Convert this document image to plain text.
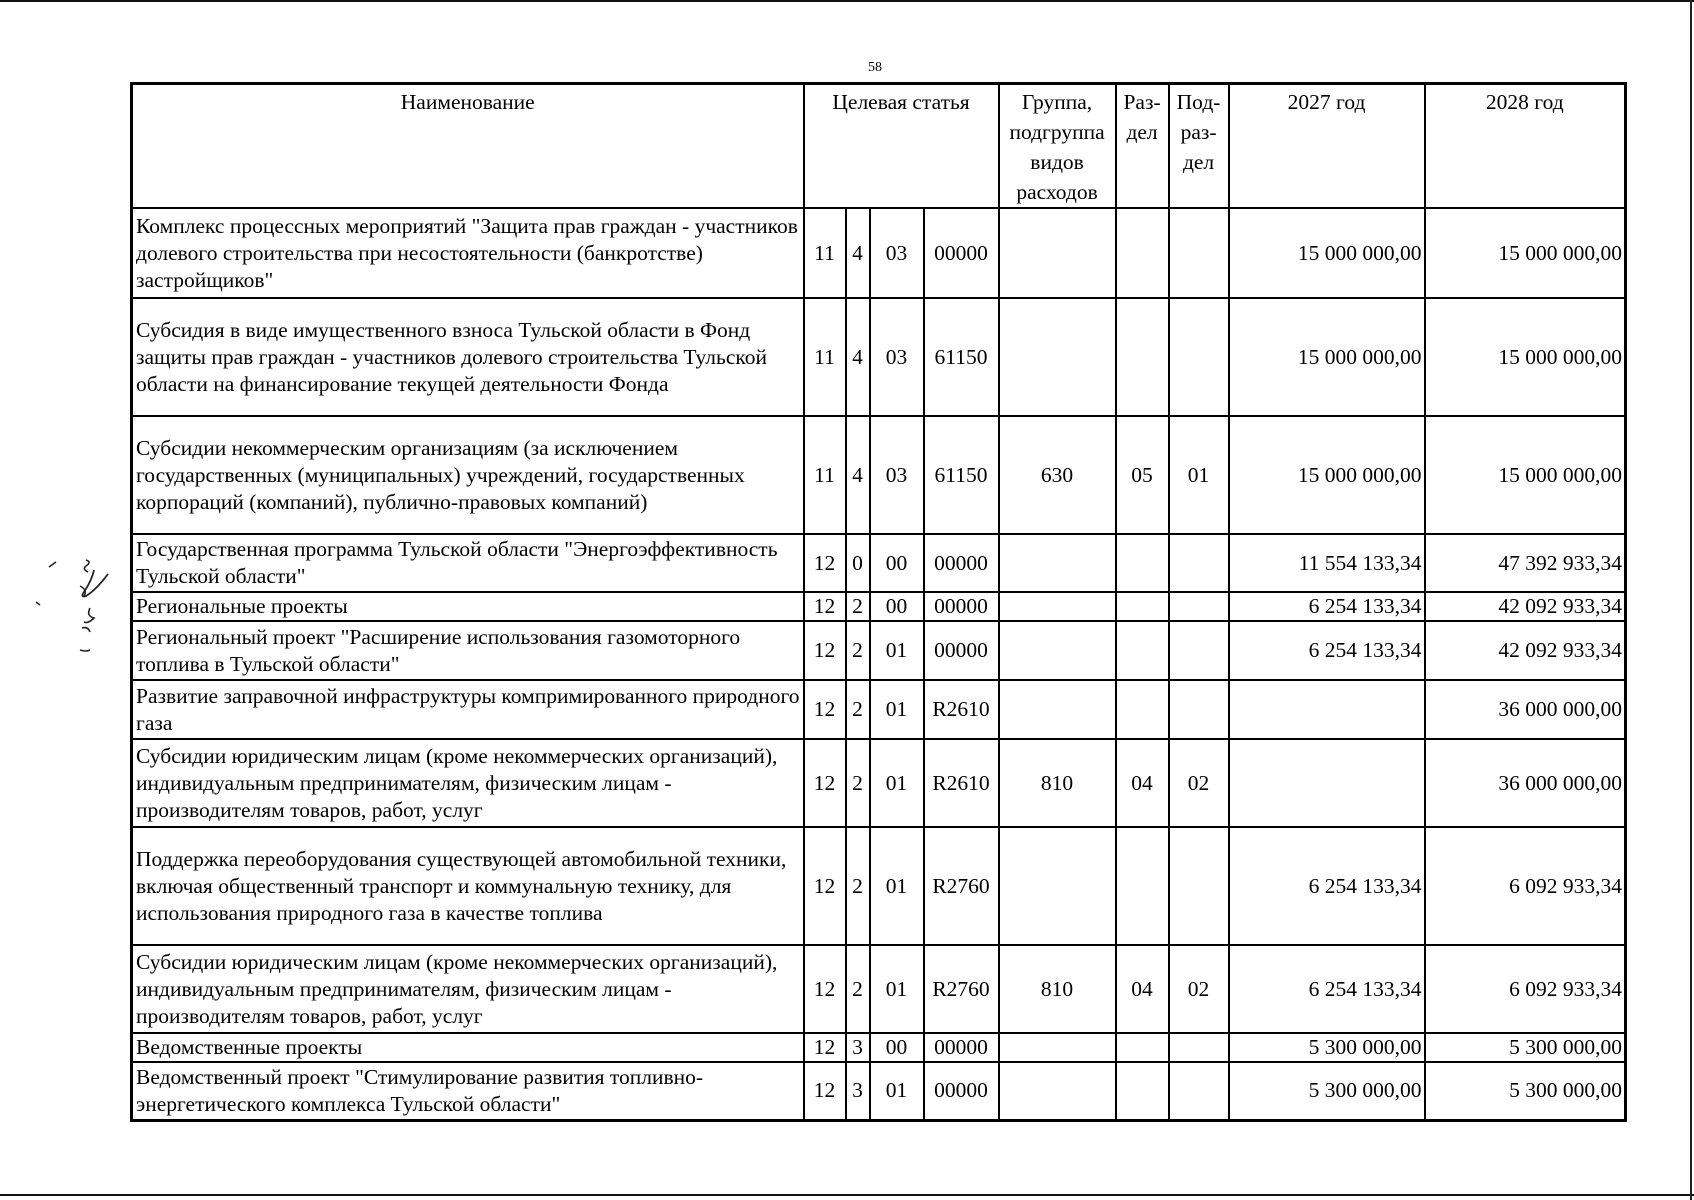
58
Наименование	Целевая статья				Группа, подгруппа видов расходов	Раз-дел	Под-раз-дел	2027 год	2028 год
Комплекс процессных мероприятий "Защита прав граждан - участников долевого строительства при несостоятельности (банкротстве) застройщиков"	11	4	03	00000				15 000 000,00	15 000 000,00
Субсидия в виде имущественного взноса Тульской области в Фонд защиты прав граждан - участников долевого строительства Тульской области на финансирование текущей деятельности Фонда	11	4	03	61150				15 000 000,00	15 000 000,00
Субсидии некоммерческим организациям (за исключением государственных (муниципальных) учреждений, государственных корпораций (компаний), публично-правовых компаний)	11	4	03	61150	630	05	01	15 000 000,00	15 000 000,00
Государственная программа Тульской области "Энергоэффективность Тульской области"	12	0	00	00000				11 554 133,34	47 392 933,34
Региональные проекты	12	2	00	00000				6 254 133,34	42 092 933,34
Региональный проект "Расширение использования газомоторного топлива в Тульской области"	12	2	01	00000				6 254 133,34	42 092 933,34
Развитие заправочной инфраструктуры компримированного природного газа	12	2	01	R2610					36 000 000,00
Субсидии юридическим лицам (кроме некоммерческих организаций), индивидуальным предпринимателям, физическим лицам - производителям товаров, работ, услуг	12	2	01	R2610	810	04	02		36 000 000,00
Поддержка переоборудования существующей автомобильной техники, включая общественный транспорт и коммунальную технику, для использования природного газа в качестве топлива	12	2	01	R2760				6 254 133,34	6 092 933,34
Субсидии юридическим лицам (кроме некоммерческих организаций), индивидуальным предпринимателям, физическим лицам - производителям товаров, работ, услуг	12	2	01	R2760	810	04	02	6 254 133,34	6 092 933,34
Ведомственные проекты	12	3	00	00000				5 300 000,00	5 300 000,00
Ведомственный проект "Стимулирование развития топливно-энергетического комплекса Тульской области"	12	3	01	00000				5 300 000,00	5 300 000,00
